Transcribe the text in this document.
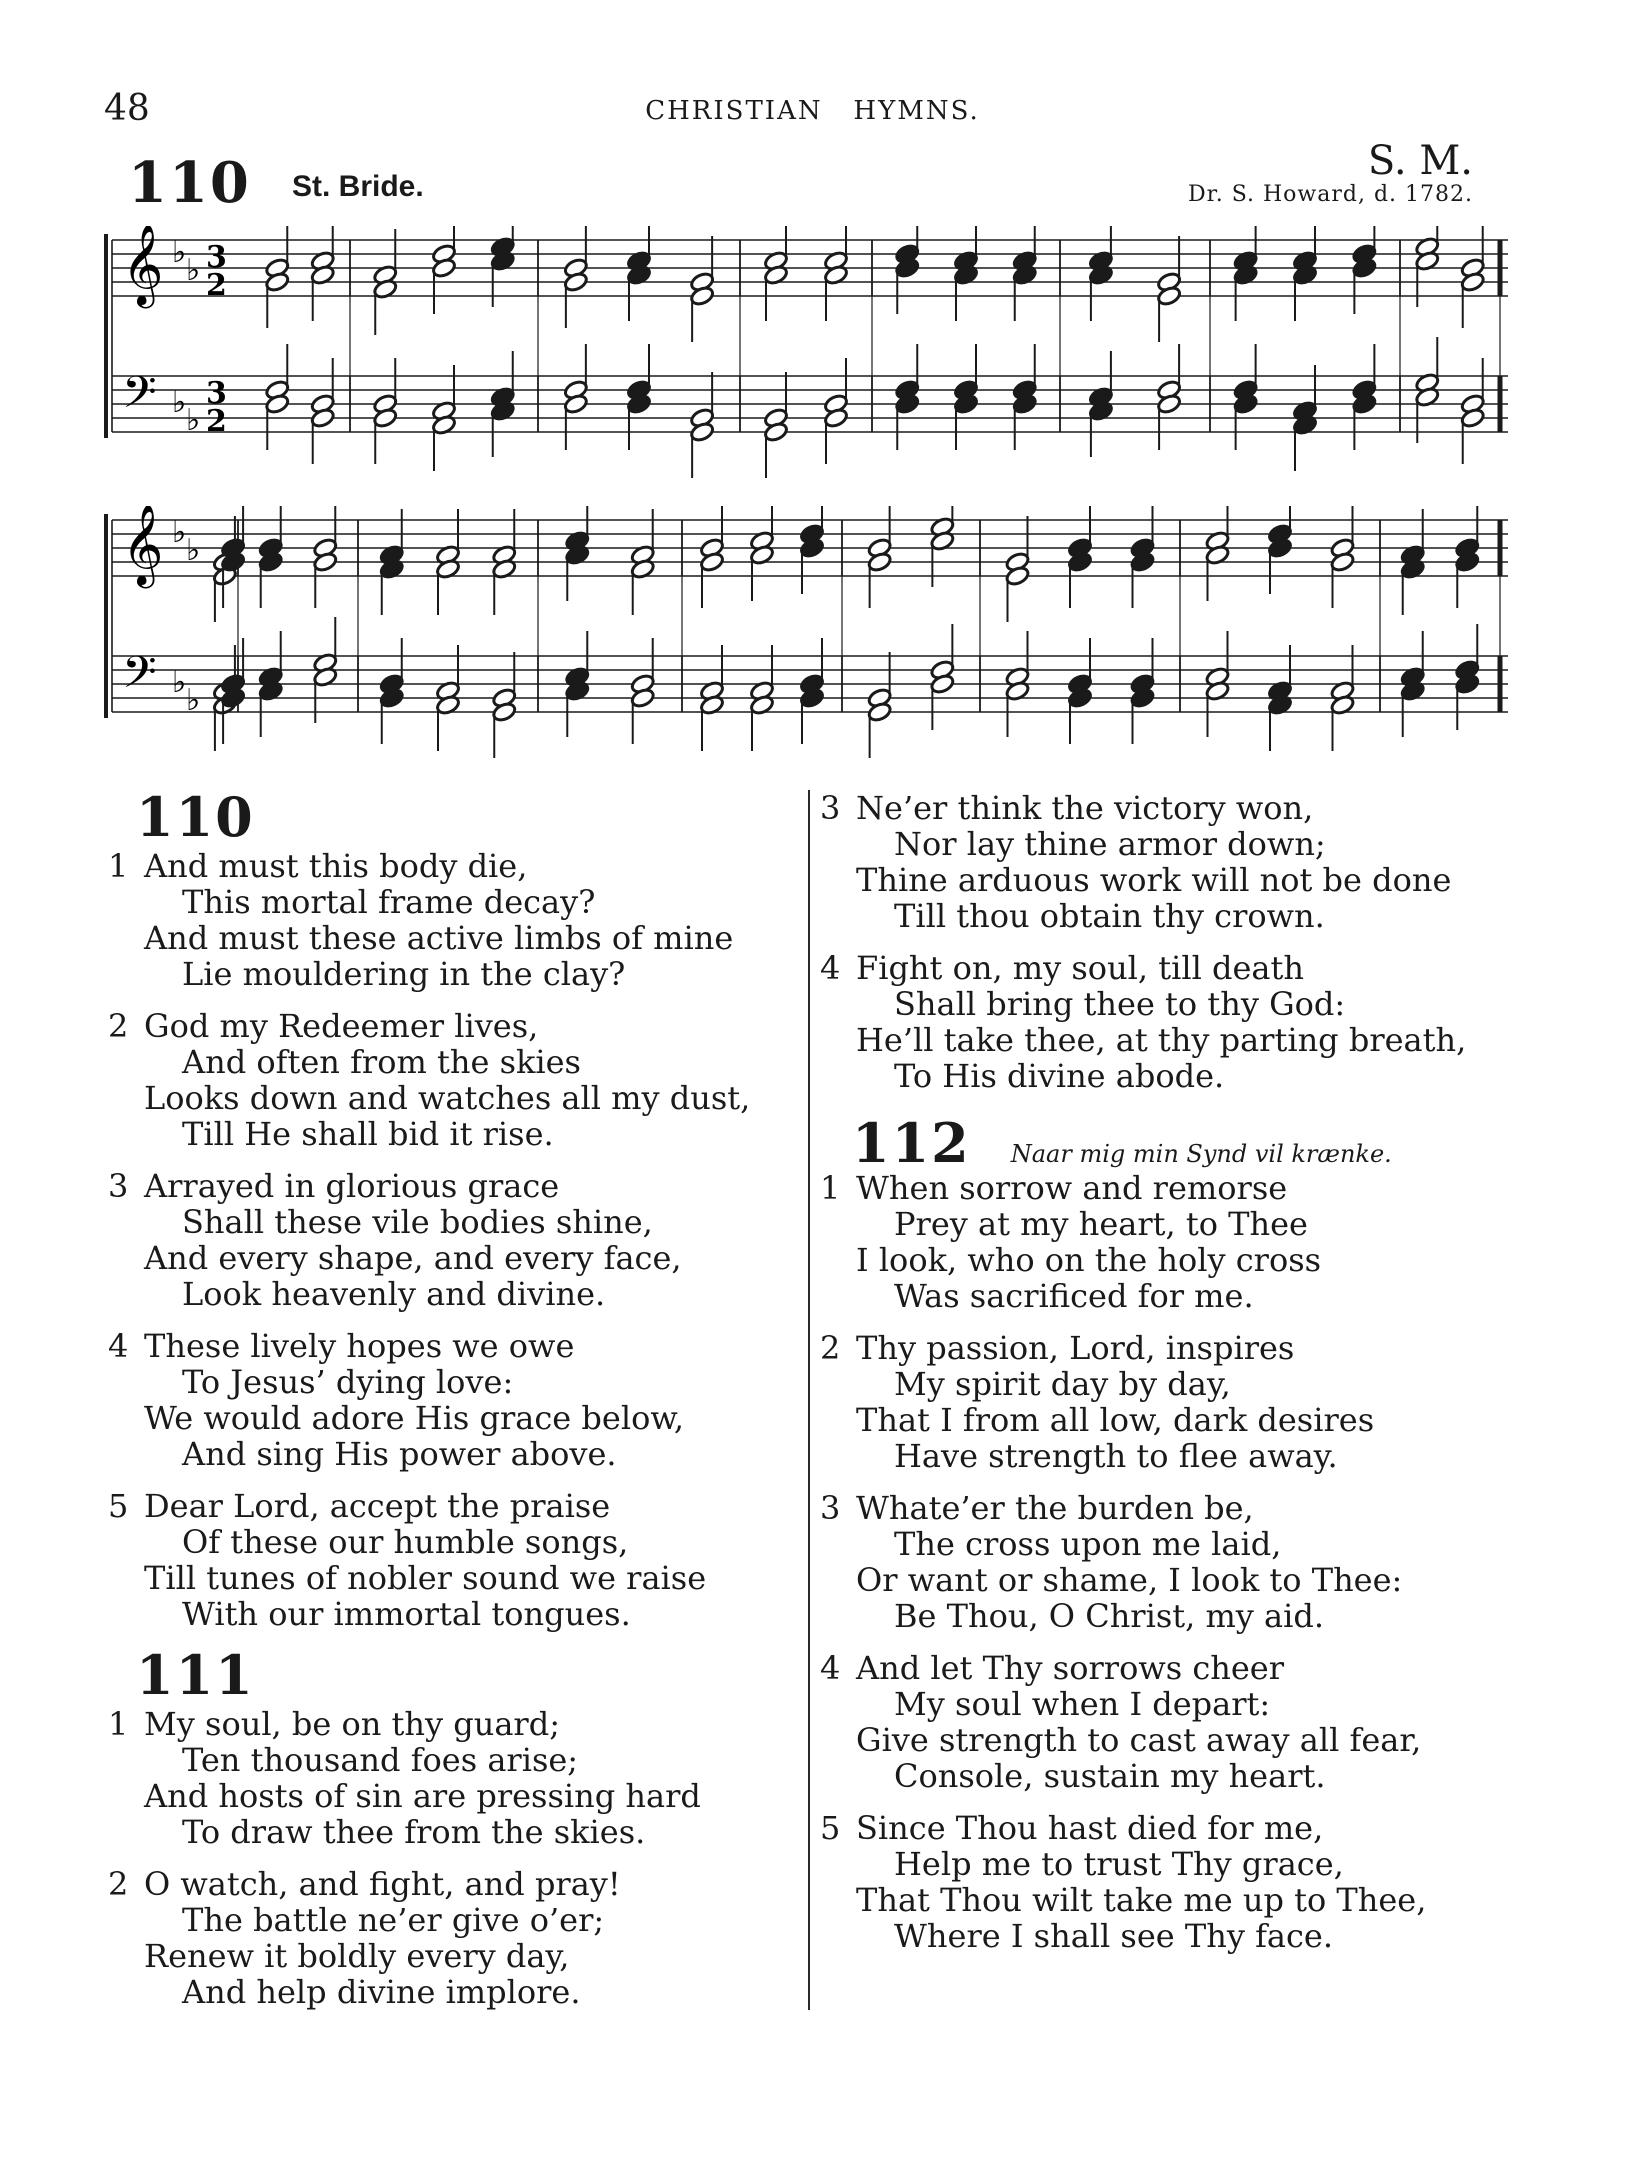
48	CHRISTIAN   HYMNS.
110 St. Bride.
S. M.
Dr. S. Howard, d. 1782.
𝄞
𝄢
♭
♭
♭
♭
3
2
3
2
𝄞
𝄢
♭
♭
♭
♭
110
1 And must this body die,
This mortal frame decay?
And must these active limbs of mine
Lie mouldering in the clay?
2 God my Redeemer lives,
And often from the skies
Looks down and watches all my dust,
Till He shall bid it rise.
3 Arrayed in glorious grace
Shall these vile bodies shine,
And every shape, and every face,
Look heavenly and divine.
4 These lively hopes we owe
To Jesus’ dying love:
We would adore His grace below,
And sing His power above.
5 Dear Lord, accept the praise
Of these our humble songs,
Till tunes of nobler sound we raise
With our immortal tongues.
111
1 My soul, be on thy guard;
Ten thousand foes arise;
And hosts of sin are pressing hard
To draw thee from the skies.
2 O watch, and fight, and pray!
The battle ne’er give o’er;
Renew it boldly every day,
And help divine implore.
3 Ne’er think the victory won,
Nor lay thine armor down;
Thine arduous work will not be done
Till thou obtain thy crown.
4 Fight on, my soul, till death
Shall bring thee to thy God:
He’ll take thee, at thy parting breath,
To His divine abode.
112 Naar mig min Synd vil krænke.
1 When sorrow and remorse
Prey at my heart, to Thee
I look, who on the holy cross
Was sacrificed for me.
2 Thy passion, Lord, inspires
My spirit day by day,
That I from all low, dark desires
Have strength to flee away.
3 Whate’er the burden be,
The cross upon me laid,
Or want or shame, I look to Thee:
Be Thou, O Christ, my aid.
4 And let Thy sorrows cheer
My soul when I depart:
Give strength to cast away all fear,
Console, sustain my heart.
5 Since Thou hast died for me,
Help me to trust Thy grace,
That Thou wilt take me up to Thee,
Where I shall see Thy face.
